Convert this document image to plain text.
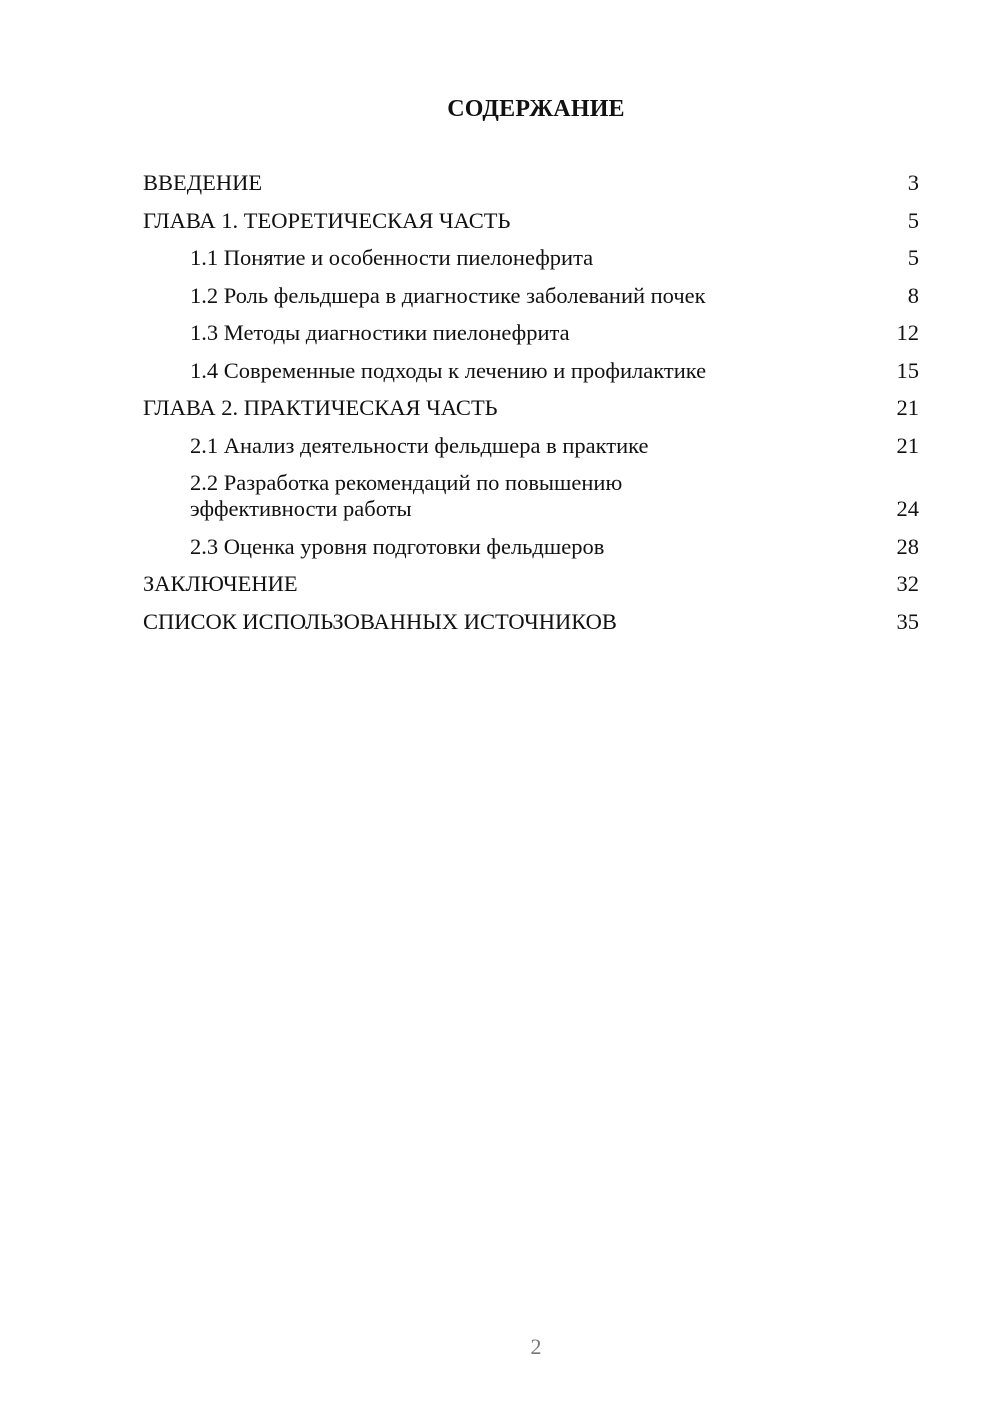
СОДЕРЖАНИЕ
ВВЕДЕНИЕ	3
ГЛАВА 1. ТЕОРЕТИЧЕСКАЯ ЧАСТЬ	5
1.1 Понятие и особенности пиелонефрита	5
1.2 Роль фельдшера в диагностике заболеваний почек	8
1.3 Методы диагностики пиелонефрита	12
1.4 Современные подходы к лечению и профилактике	15
ГЛАВА 2. ПРАКТИЧЕСКАЯ ЧАСТЬ	21
2.1 Анализ деятельности фельдшера в практике	21
2.2 Разработка рекомендаций по повышению эффективности работы	24
2.3 Оценка уровня подготовки фельдшеров	28
ЗАКЛЮЧЕНИЕ	32
СПИСОК ИСПОЛЬЗОВАННЫХ ИСТОЧНИКОВ	35
2
